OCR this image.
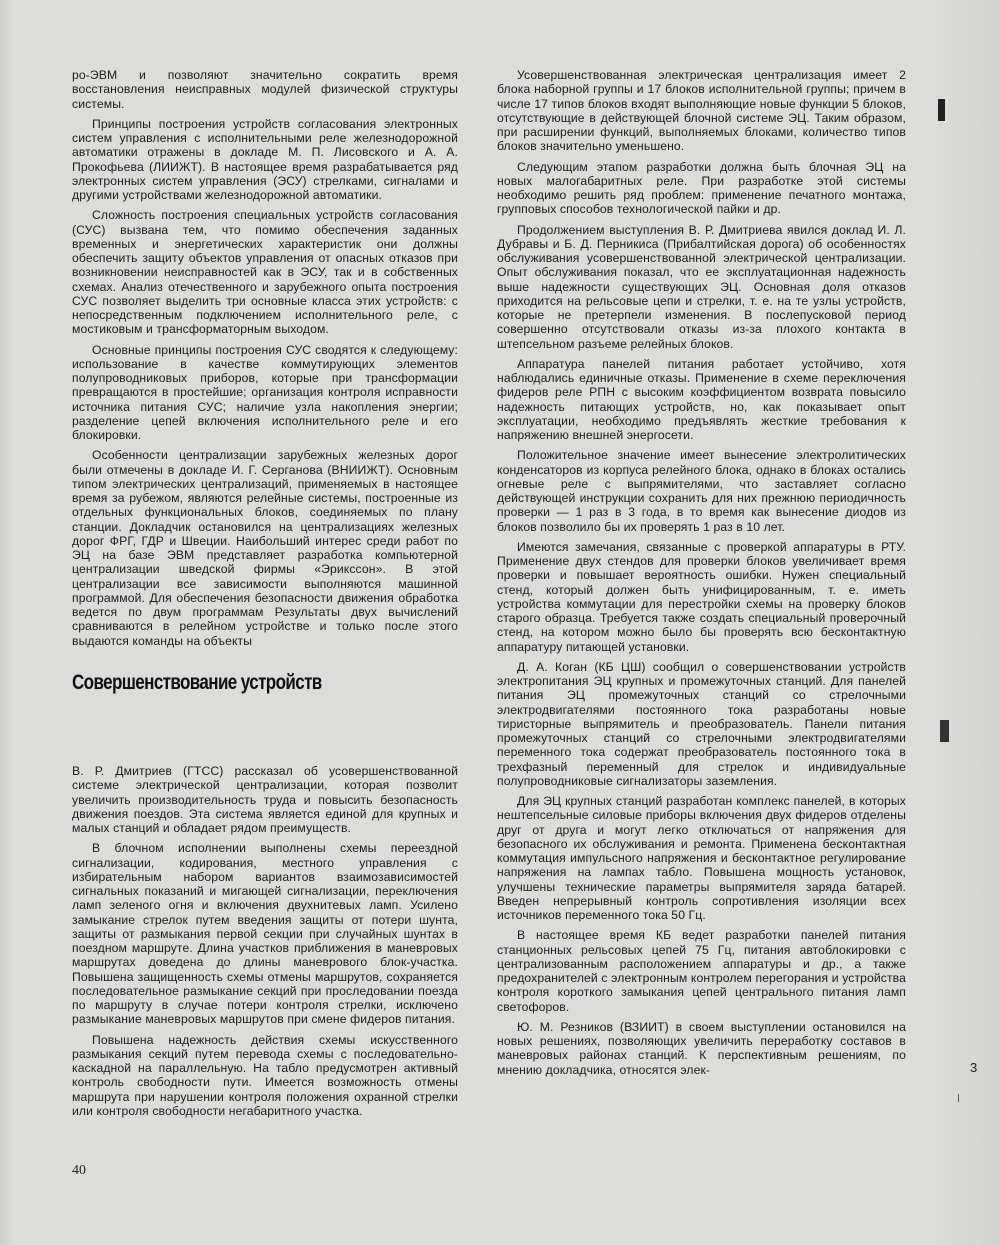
ро-ЭВМ и позволяют значительно сократить время восстановления неисправных модулей физической структуры системы.

Принципы построения устройств согласования электронных систем управления с исполнительными реле железнодорожной автоматики отражены в докладе М. П. Лисовского и А. А. Прокофьева (ЛИИЖТ). В настоящее время разрабатывается ряд электронных систем управления (ЭСУ) стрелками, сигналами и другими устройствами железнодорожной автоматики.

Сложность построения специальных устройств согласования (СУС) вызвана тем, что помимо обеспечения заданных временных и энергетических характеристик они должны обеспечить защиту объектов управления от опасных отказов при возникновении неисправностей как в ЭСУ, так и в собственных схемах. Анализ отечественного и зарубежного опыта построения СУС позволяет выделить три основные класса этих устройств: с непосредственным подключением исполнительного реле, с мостиковым и трансформаторным выходом.

Основные принципы построения СУС сводятся к следующему: использование в качестве коммутирующих элементов полупроводниковых приборов, которые при трансформации превращаются в простейшие; организация контроля исправности источника питания СУС; наличие узла накопления энергии; разделение цепей включения исполнительного реле и его блокировки.

Особенности централизации зарубежных железных дорог были отмечены в докладе И. Г. Серганова (ВНИИЖТ). Основным типом электрических централизаций, применяемых в настоящее время за рубежом, являются релейные системы, построенные из отдельных функциональных блоков, соединяемых по плану станции. Докладчик остановился на централизациях железных дорог ФРГ, ГДР и Швеции. Наибольший интерес среди работ по ЭЦ на базе ЭВМ представляет разработка компьютерной централизации шведской фирмы «Эрикссон». В этой централизации все зависимости выполняются машинной программой. Для обеспечения безопасности движения обработка ведется по двум программам Результаты двух вычислений сравниваются в релейном устройстве и только после этого выдаются команды на объекты

Совершенствование устройств

В. Р. Дмитриев (ГТСС) рассказал об усовершенствованной системе электрической централизации, которая позволит увеличить производительность труда и повысить безопасность движения поездов. Эта система является единой для крупных и малых станций и обладает рядом преимуществ.

В блочном исполнении выполнены схемы переездной сигнализации, кодирования, местного управления с избирательным набором вариантов взаимозависимостей сигнальных показаний и мигающей сигнализации, переключения ламп зеленого огня и включения двухнитевых ламп. Усилено замыкание стрелок путем введения защиты от потери шунта, защиты от размыкания первой секции при случайных шунтах в поездном маршруте. Длина участков приближения в маневровых маршрутах доведена до длины маневрового блок-участка. Повышена защищенность схемы отмены маршрутов, сохраняется последовательное размыкание секций при проследовании поезда по маршруту в случае потери контроля стрелки, исключено размыкание маневровых маршрутов при смене фидеров питания.

Повышена надежность действия схемы искусственного размыкания секций путем перевода схемы с последовательно-каскадной на параллельную. На табло предусмотрен активный контроль свободности пути. Имеется возможность отмены маршрута при нарушении контроля положения охранной стрелки или контроля свободности негабаритного участка.

Усовершенствованная электрическая централизация имеет 2 блока наборной группы и 17 блоков исполнительной группы; причем в числе 17 типов блоков входят выполняющие новые функции 5 блоков, отсутствующие в действующей блочной системе ЭЦ. Таким образом, при расширении функций, выполняемых блоками, количество типов блоков значительно уменьшено.

Следующим этапом разработки должна быть блочная ЭЦ на новых малогабаритных реле. При разработке этой системы необходимо решить ряд проблем: применение печатного монтажа, групповых способов технологической пайки и др.

Продолжением выступления В. Р. Дмитриева явился доклад И. Л. Дубравы и Б. Д. Перникиса (Прибалтийская дорога) об особенностях обслуживания усовершенствованной электрической централизации. Опыт обслуживания показал, что ее эксплуатационная надежность выше надежности существующих ЭЦ. Основная доля отказов приходится на рельсовые цепи и стрелки, т. е. на те узлы устройств, которые не претерпели изменения. В послепусковой период совершенно отсутствовали отказы из-за плохого контакта в штепсельном разъеме релейных блоков.

Аппаратура панелей питания работает устойчиво, хотя наблюдались единичные отказы. Применение в схеме переключения фидеров реле РПН с высоким коэффициентом возврата повысило надежность питающих устройств, но, как показывает опыт эксплуатации, необходимо предъявлять жесткие требования к напряжению внешней энергосети.

Положительное значение имеет вынесение электролитических конденсаторов из корпуса релейного блока, однако в блоках остались огневые реле с выпрямителями, что заставляет согласно действующей инструкции сохранить для них прежнюю периодичность проверки — 1 раз в 3 года, в то время как вынесение диодов из блоков позволило бы их проверять 1 раз в 10 лет.

Имеются замечания, связанные с проверкой аппаратуры в РТУ. Применение двух стендов для проверки блоков увеличивает время проверки и повышает вероятность ошибки. Нужен специальный стенд, который должен быть унифицированным, т. е. иметь устройства коммутации для перестройки схемы на проверку блоков старого образца. Требуется также создать специальный проверочный стенд, на котором можно было бы проверять всю бесконтактную аппаратуру питающей установки.

Д. А. Коган (КБ ЦШ) сообщил о совершенствовании устройств электропитания ЭЦ крупных и промежуточных станций. Для панелей питания ЭЦ промежуточных станций со стрелочными электродвигателями постоянного тока разработаны новые тиристорные выпрямитель и преобразователь. Панели питания промежуточных станций со стрелочными электродвигателями переменного тока содержат преобразователь постоянного тока в трехфазный переменный для стрелок и индивидуальные полупроводниковые сигнализаторы заземления.

Для ЭЦ крупных станций разработан комплекс панелей, в которых нештепсельные силовые приборы включения двух фидеров отделены друг от друга и могут легко отключаться от напряжения для безопасного их обслуживания и ремонта. Применена бесконтактная коммутация импульсного напряжения и бесконтактное регулирование напряжения на лампах табло. Повышена мощность установок, улучшены технические параметры выпрямителя заряда батарей. Введен непрерывный контроль сопротивления изоляции всех источников переменного тока 50 Гц.

В настоящее время КБ ведет разработки панелей питания станционных рельсовых цепей 75 Гц, питания автоблокировки с централизованным расположением аппаратуры и др., а также предохранителей с электронным контролем перегорания и устройства контроля короткого замыкания цепей центрального питания ламп светофоров.

Ю. М. Резников (ВЗИИТ) в своем выступлении остановился на новых решениях, позволяющих увеличить переработку составов в маневровых районах станций. К перспективным решениям, по мнению докладчика, относятся элек-

40
3
